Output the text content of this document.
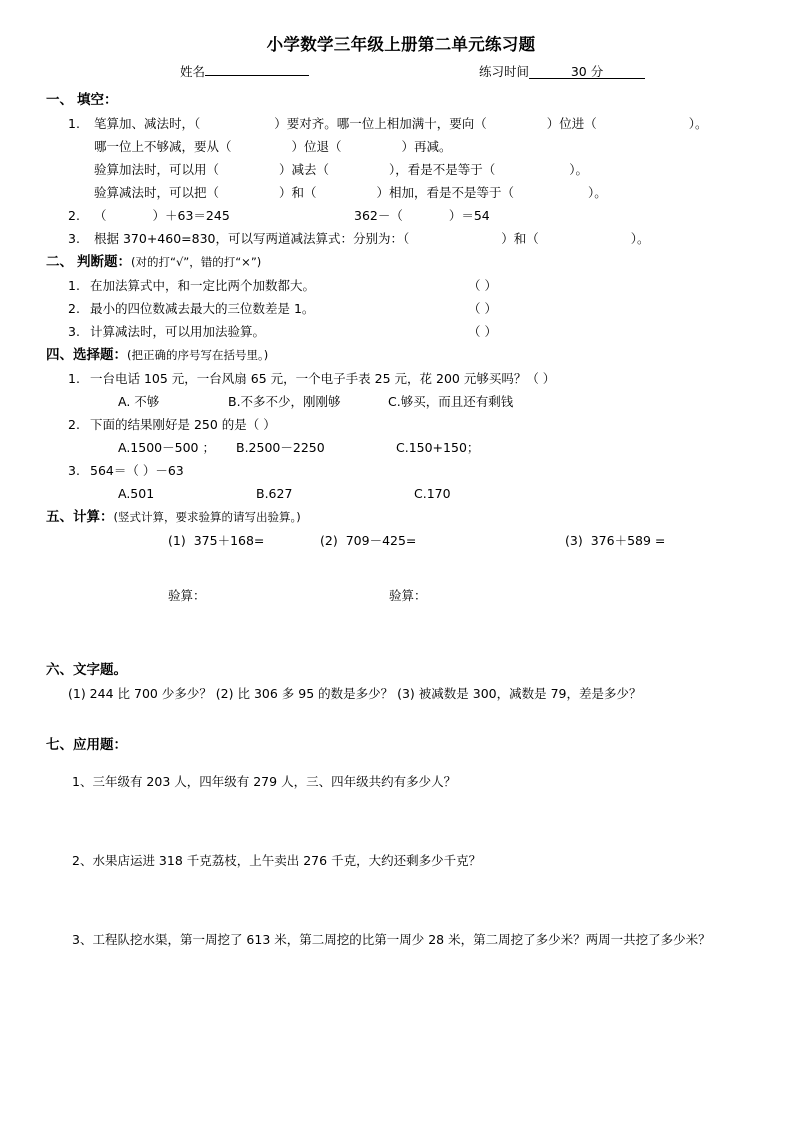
小学数学三年级上册第二单元练习题
姓名	练习时间	30 分
一、 填空：
1. 笔算加、减法时，（	）要对齐。哪一位上相加满十，要向（	）位进（	）。
哪一位上不够减，要从（	）位退（	）再减。
验算加法时，可以用（	）减去（	），看是不是等于（	）。
验算减法时，可以把（	）和（	）相加，看是不是等于（	）。
2. （	）＋63＝245	362－（	）＝54
3. 根据 370+460=830，可以写两道减法算式：分别为：（	）和（	）。
二、 判断题：(对的打“√”，错的打“×”)
1. 在加法算式中，和一定比两个加数都大。	（ ）
2. 最小的四位数减去最大的三位数差是 1。	（ ）
3. 计算减法时，可以用加法验算。	（ ）
四、选择题：(把正确的序号写在括号里。)
1. 一台电话 105 元，一台风扇 65 元，一个电子手表 25 元，花 200 元够买吗？（ ）
A. 不够	B.不多不少，刚刚够	C.够买，而且还有剩钱
2. 下面的结果刚好是 250 的是（ ）
A.1500－500 ；	B.2500－2250	C.150+150；
3. 564＝（ ）－63
A.501	B.627	C.170
五、计算：(竖式计算，要求验算的请写出验算。)
(1) 375＋168=	(2) 709－425=	(3) 376＋589 =
验算：	验算：
六、文字题。
(1) 244 比 700 少多少？ (2) 比 306 多 95 的数是多少？ (3) 被减数是 300，减数是 79，差是多少？
七、应用题：
1、三年级有 203 人，四年级有 279 人，三、四年级共约有多少人？
2、水果店运进 318 千克荔枝，上午卖出 276 千克，大约还剩多少千克？
3、工程队挖水渠，第一周挖了 613 米，第二周挖的比第一周少 28 米，第二周挖了多少米？两周一共挖了多少米？
